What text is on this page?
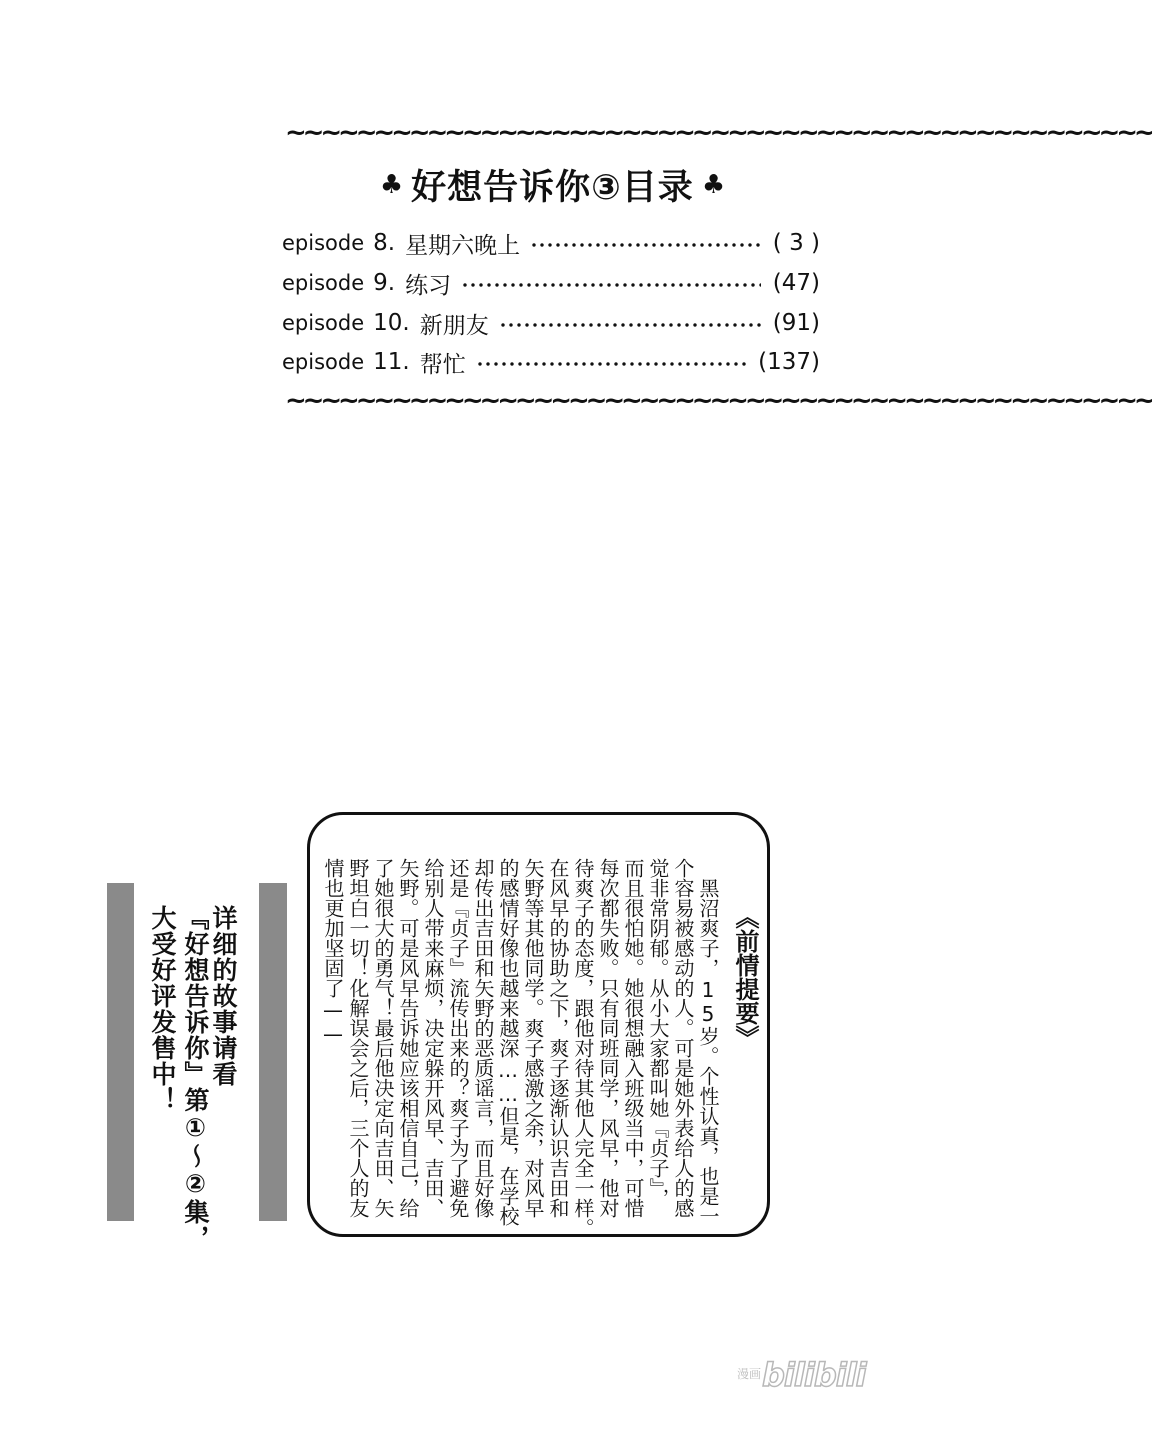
~~~~~~~~~~~~~~~~~~~~~~~~~~~~~~~~~~~~~~~~~~~~~~~~~
♣ 好想告诉你③目录 ♣
episode 8. 星期六晚上	( 3 )
episode 9. 练习	(47)
episode 10. 新朋友	(91)
episode 11. 帮忙	(137)
~~~~~~~~~~~~~~~~~~~~~~~~~~~~~~~~~~~~~~~~~~~~~~~~~
详细的故事请看
『好想告诉你』第①～②集，
大受好评发售中！	《前情提要》
黑沼爽子，15岁。个性认真，也是一
个容易被感动的人。可是她外表给人的感
觉非常阴郁。从小大家都叫她『贞子』，
而且很怕她。她很想融入班级当中，可惜
每次都失败。只有同班同学，风早，他对
待爽子的态度，跟他对待其他人完全一样。
在风早的协助之下，爽子逐渐认识吉田和
矢野等其他同学。爽子感激之余，对风早
的感情好像也越来越深……但是，在学校
却传出吉田和矢野的恶质谣言，而且好像
还是『贞子』流传出来的？爽子为了避免
给别人带来麻烦，决定躲开风早、吉田、
矢野。可是风早告诉她应该相信自己，给
了她很大的勇气！最后他决定向吉田、矢
野坦白一切！化解误会之后，三个人的友
情也更加坚固了——
漫画 bilibili
